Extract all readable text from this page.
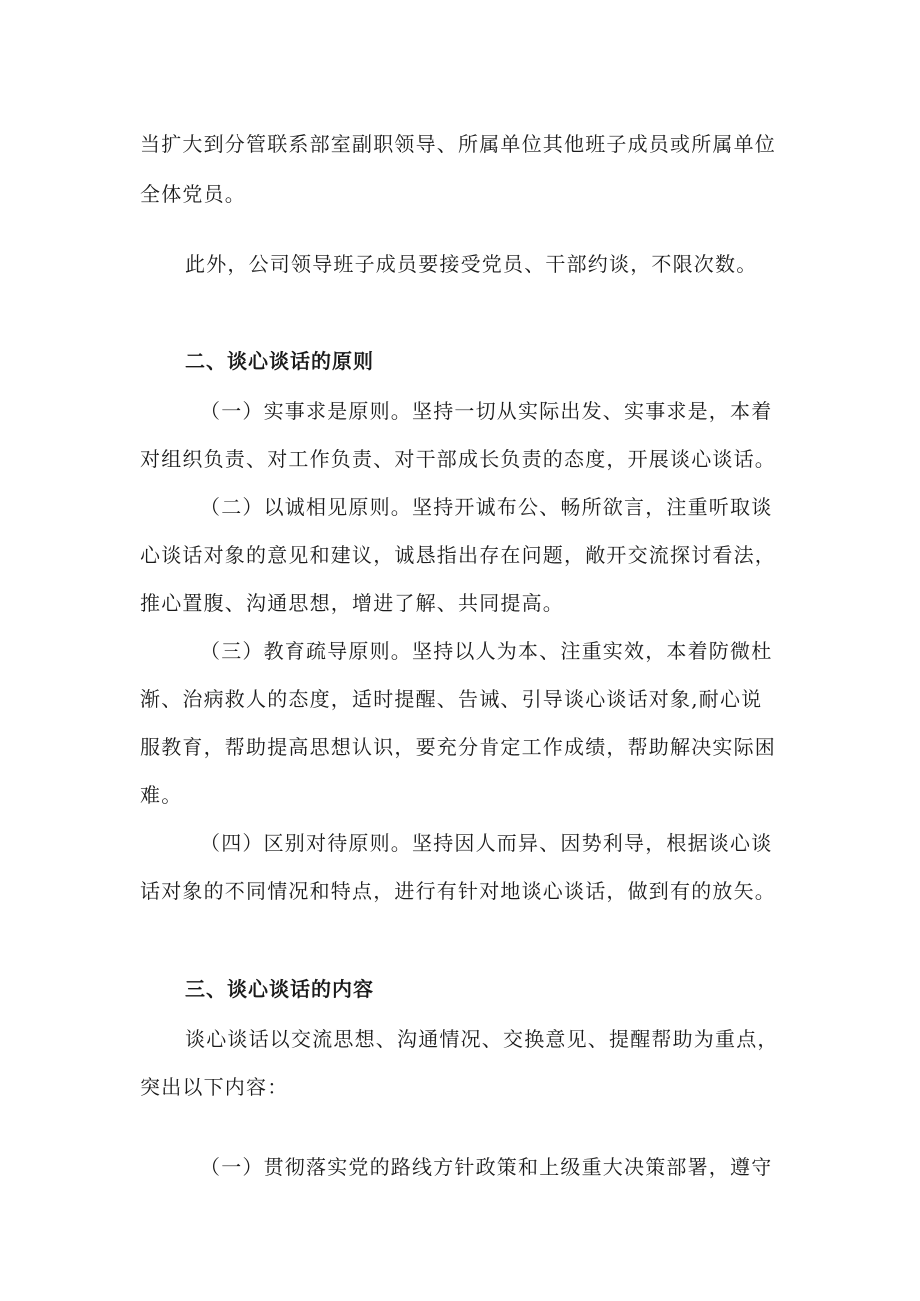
当扩大到分管联系部室副职领导、所属单位其他班子成员或所属单位
全体党员。
此外，公司领导班子成员要接受党员、干部约谈，不限次数。
二、谈心谈话的原则
（一）实事求是原则。坚持一切从实际出发、实事求是，本着
对组织负责、对工作负责、对干部成长负责的态度，开展谈心谈话。
（二）以诚相见原则。坚持开诚布公、畅所欲言，注重听取谈
心谈话对象的意见和建议，诚恳指出存在问题，敞开交流探讨看法，
推心置腹、沟通思想，增进了解、共同提高。
（三）教育疏导原则。坚持以人为本、注重实效，本着防微杜
渐、治病救人的态度，适时提醒、告诫、引导谈心谈话对象,耐心说
服教育，帮助提高思想认识，要充分肯定工作成绩，帮助解决实际困
难。
（四）区别对待原则。坚持因人而异、因势利导，根据谈心谈
话对象的不同情况和特点，进行有针对地谈心谈话，做到有的放矢。
三、谈心谈话的内容
谈心谈话以交流思想、沟通情况、交换意见、提醒帮助为重点，
突出以下内容：
（一）贯彻落实党的路线方针政策和上级重大决策部署，遵守
